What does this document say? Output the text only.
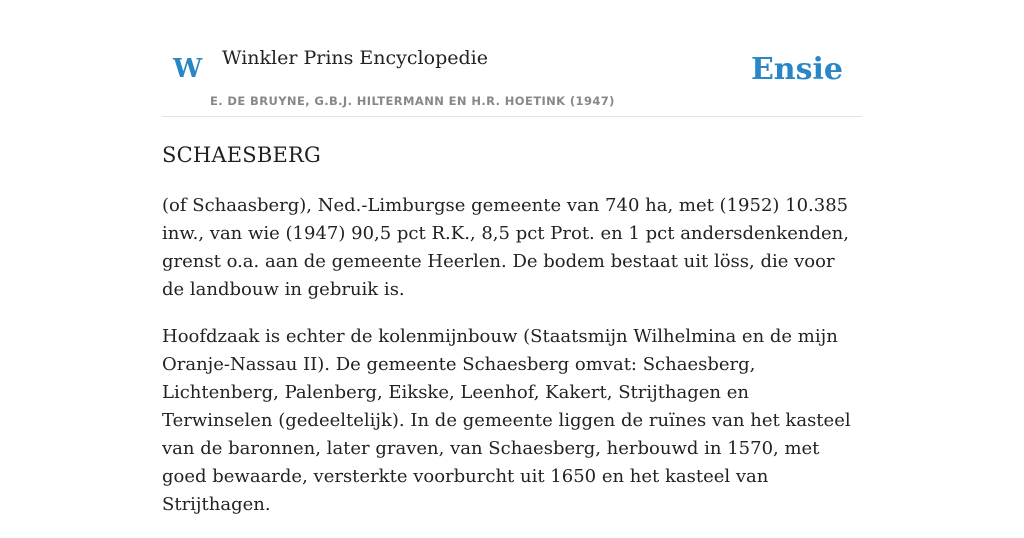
W Winkler Prins Encyclopedie
E. DE BRUYNE, G.B.J. HILTERMANN EN H.R. HOETINK (1947)
Ensie
SCHAESBERG

(of Schaasberg), Ned.-Limburgse gemeente van 740 ha, met (1952) 10.385 inw., van wie (1947) 90,5 pct R.K., 8,5 pct Prot. en 1 pct andersdenkenden, grenst o.a. aan de gemeente Heerlen. De bodem bestaat uit löss, die voor de landbouw in gebruik is.

Hoofdzaak is echter de kolenmijnbouw (Staatsmijn Wilhelmina en de mijn Oranje-Nassau II). De gemeente Schaesberg omvat: Schaesberg, Lichtenberg, Palenberg, Eikske, Leenhof, Kakert, Strijthagen en Terwinselen (gedeeltelijk). In de gemeente liggen de ruïnes van het kasteel van de baronnen, later graven, van Schaesberg, herbouwd in 1570, met goed bewaarde, versterkte voorburcht uit 1650 en het kasteel van Strijthagen.
